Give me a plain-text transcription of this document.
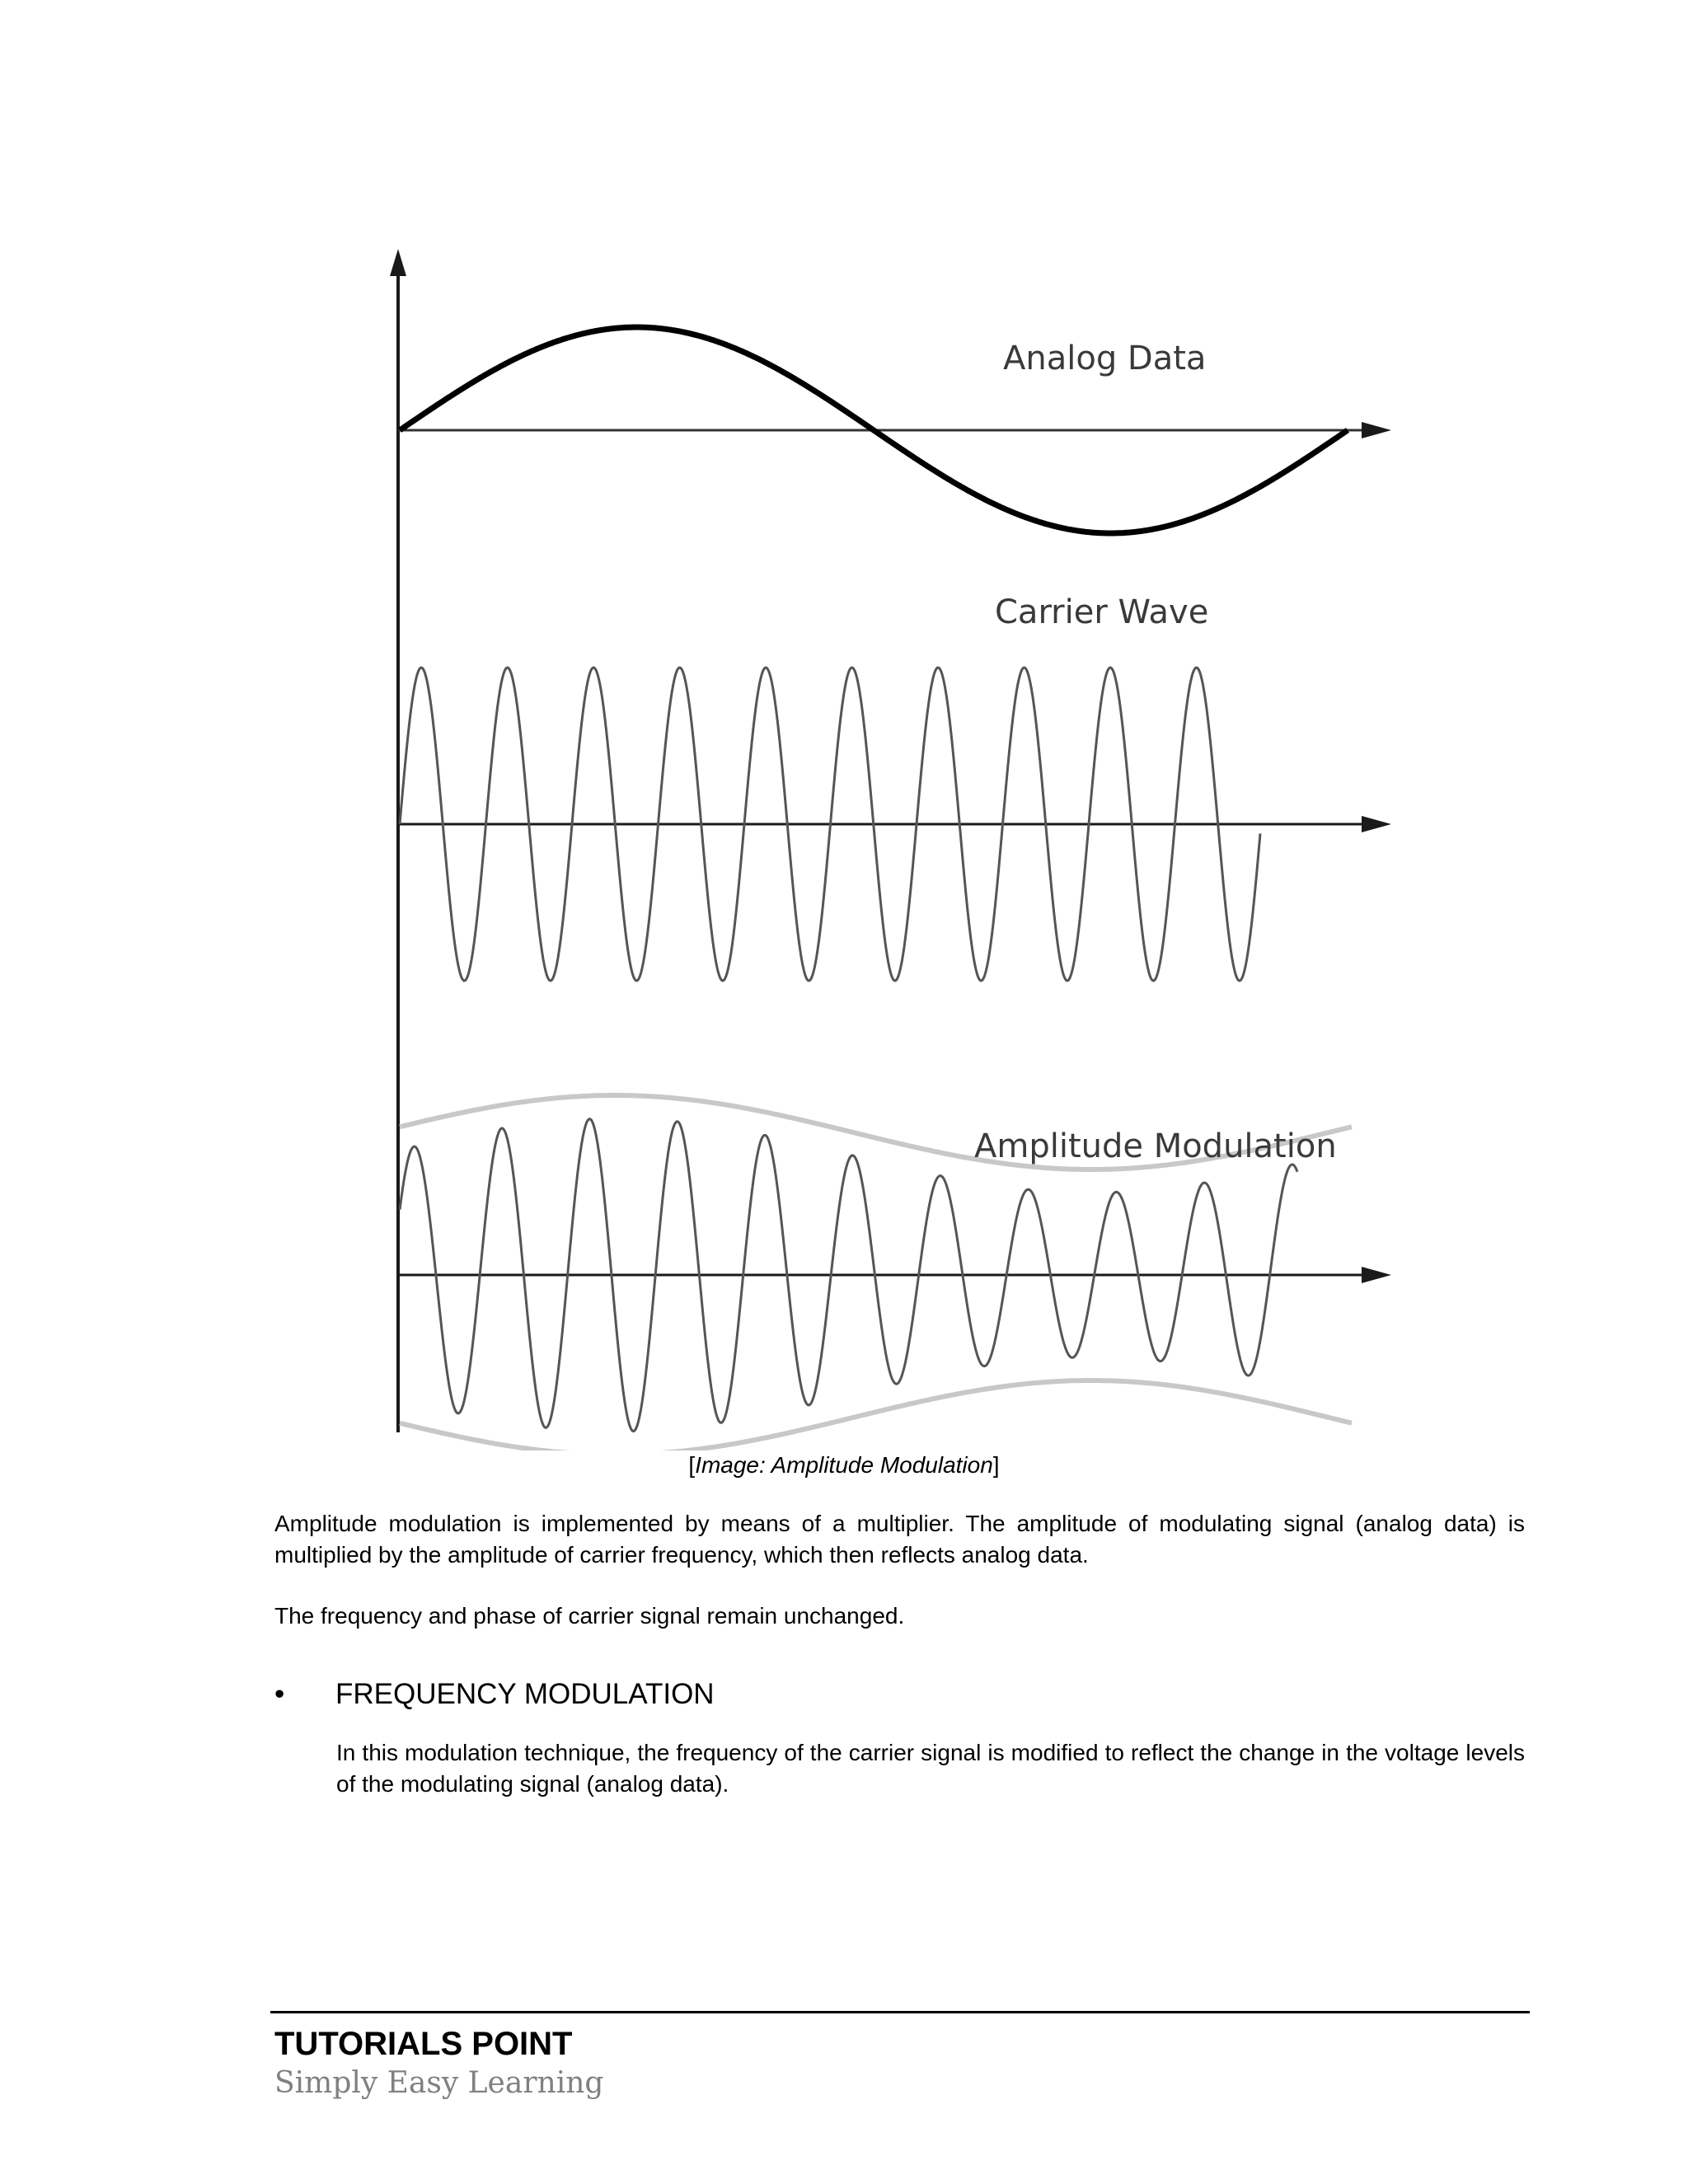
Analog Data
Carrier Wave
Amplitude Modulation
[Image: Amplitude Modulation]

Amplitude modulation is implemented by means of a multiplier. The amplitude of modulating signal (analog data) is multiplied by the amplitude of carrier frequency, which then reflects analog data.

The frequency and phase of carrier signal remain unchanged.

• FREQUENCY MODULATION

In this modulation technique, the frequency of the carrier signal is modified to reflect the change in the voltage levels of the modulating signal (analog data).

TUTORIALS POINT
Simply Easy Learning
